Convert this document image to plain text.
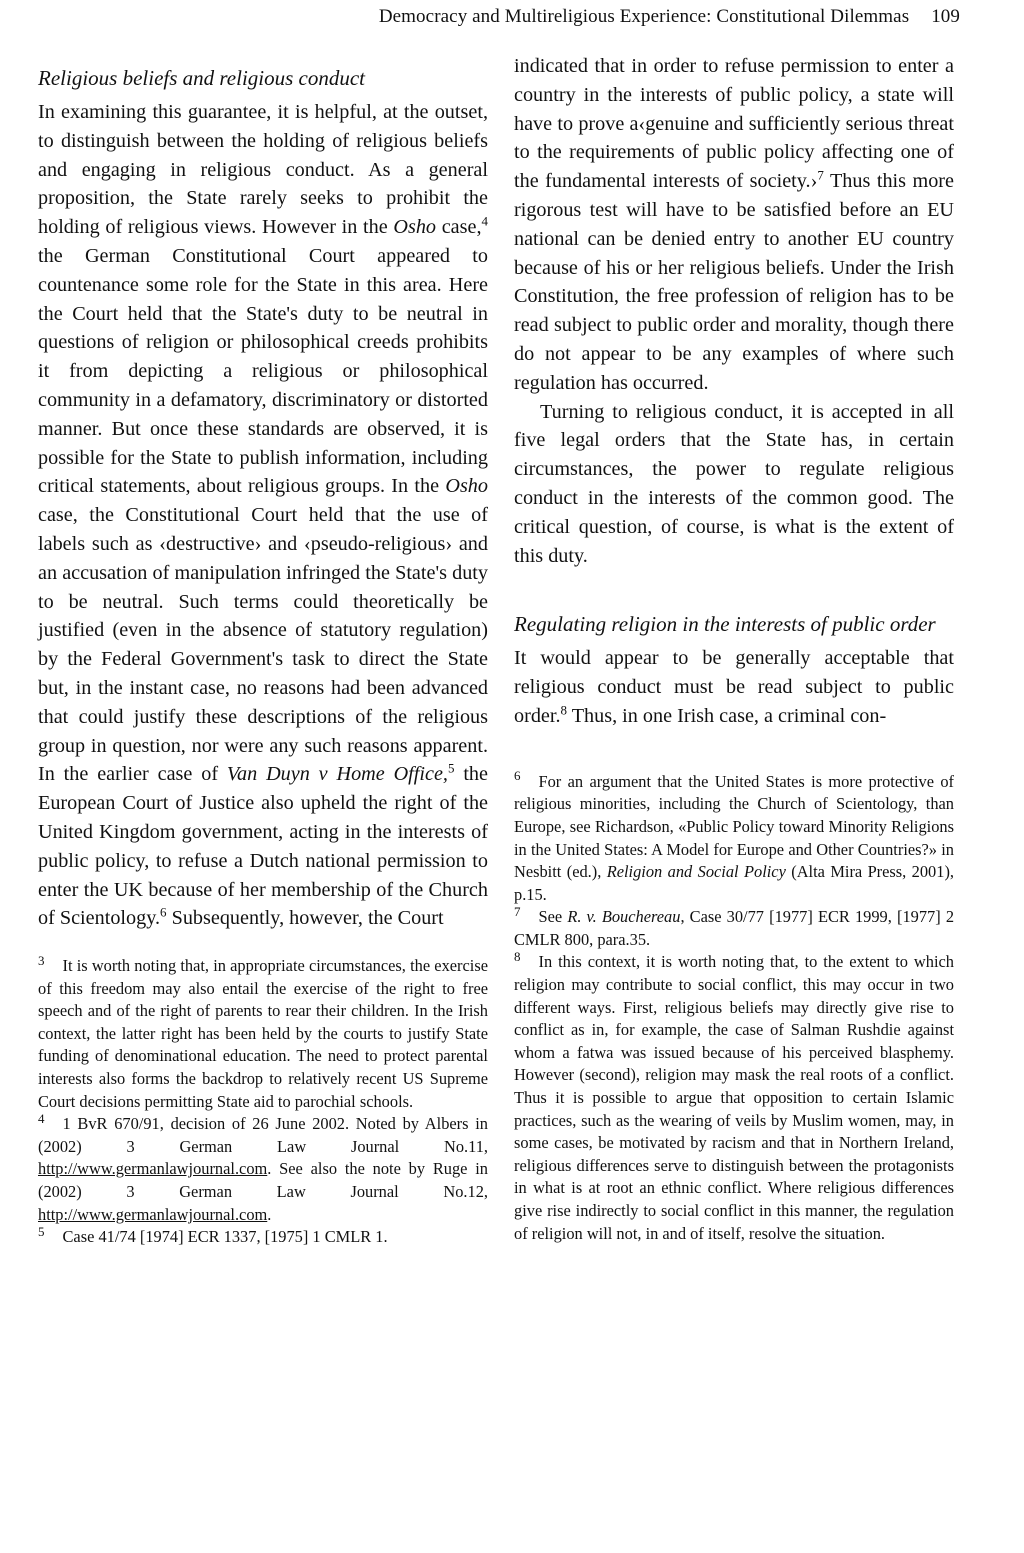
Democracy and Multireligious Experience: Constitutional Dilemmas 109
Religious beliefs and religious conduct

In examining this guarantee, it is helpful, at the outset, to distinguish between the holding of religious beliefs and engaging in religious conduct. As a general proposition, the State rarely seeks to prohibit the holding of religious views. However in the Osho case,$^4$ the German Constitutional Court appeared to countenance some role for the State in this area. Here the Court held that the State's duty to be neutral in questions of religion or philosophical creeds prohibits it from depicting a religious or philosophical community in a defamatory, discriminatory or distorted manner. But once these standards are observed, it is possible for the State to publish information, including critical statements, about religious groups. In the Osho case, the Constitutional Court held that the use of labels such as ‹destructive› and ‹pseudo-religious› and an accusation of manipulation infringed the State's duty to be neutral. Such terms could theoretically be justified (even in the absence of statutory regulation) by the Federal Government's task to direct the State but, in the instant case, no reasons had been advanced that could justify these descriptions of the religious group in question, nor were any such reasons apparent. In the earlier case of Van Duyn v Home Office,$^5$ the European Court of Justice also upheld the right of the United Kingdom government, acting in the interests of public policy, to refuse a Dutch national permission to enter the UK because of her membership of the Church of Scientology.$^6$ Subsequently, however, the Court

$^3$ It is worth noting that, in appropriate circumstances, the exercise of this freedom may also entail the exercise of the right to free speech and of the right of parents to rear their children. In the Irish context, the latter right has been held by the courts to justify State funding of denominational education. The need to protect parental interests also forms the backdrop to relatively recent US Supreme Court decisions permitting State aid to parochial schools.

$^4$ 1 BvR 670/91, decision of 26 June 2002. Noted by Albers in (2002) 3 German Law Journal No.11, http://www.germanlawjournal.com. See also the note by Ruge in (2002) 3 German Law Journal No.12, http://www.germanlawjournal.com.

$^5$ Case 41/74 [1974] ECR 1337, [1975] 1 CMLR 1.

indicated that in order to refuse permission to enter a country in the interests of public policy, a state will have to prove a‹genuine and sufficiently serious threat to the requirements of public policy affecting one of the fundamental interests of society.›$^7$ Thus this more rigorous test will have to be satisfied before an EU national can be denied entry to another EU country because of his or her religious beliefs. Under the Irish Constitution, the free profession of religion has to be read subject to public order and morality, though there do not appear to be any examples of where such regulation has occurred.

Turning to religious conduct, it is accepted in all five legal orders that the State has, in certain circumstances, the power to regulate religious conduct in the interests of the common good. The critical question, of course, is what is the extent of this duty.

Regulating religion in the interests of public order

It would appear to be generally acceptable that religious conduct must be read subject to public order.$^8$ Thus, in one Irish case, a criminal con-

$^6$ For an argument that the United States is more protective of religious minorities, including the Church of Scientology, than Europe, see Richardson, «Public Policy toward Minority Religions in the United States: A Model for Europe and Other Countries?» in Nesbitt (ed.), Religion and Social Policy (Alta Mira Press, 2001), p.15.

$^7$ See R. v. Bouchereau, Case 30/77 [1977] ECR 1999, [1977] 2 CMLR 800, para.35.

$^8$ In this context, it is worth noting that, to the extent to which religion may contribute to social conflict, this may occur in two different ways. First, religious beliefs may directly give rise to conflict as in, for example, the case of Salman Rushdie against whom a fatwa was issued because of his perceived blasphemy. However (second), religion may mask the real roots of a conflict. Thus it is possible to argue that opposition to certain Islamic practices, such as the wearing of veils by Muslim women, may, in some cases, be motivated by racism and that in Northern Ireland, religious differences serve to distinguish between the protagonists in what is at root an ethnic conflict. Where religious differences give rise indirectly to social conflict in this manner, the regulation of religion will not, in and of itself, resolve the situation.
